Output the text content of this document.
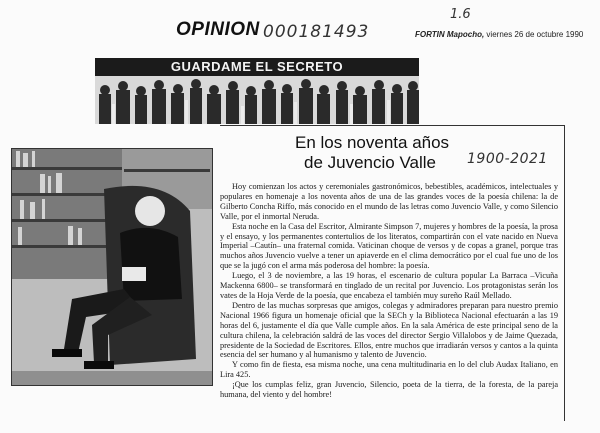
OPINION 000181493
1.6
FORTIN Mapocho, viernes 26 de octubre 1990
GUARDAME EL SECRETO
En los noventa años
de Juvencio Valle	1900-2021

Hoy comienzan los actos y ceremoniales gastronómicos, bebestibles, académicos, intelectuales y populares en homenaje a los noventa años de una de las grandes voces de la poesía chilena: la de Gilberto Concha Riffo, más conocido en el mundo de las letras como Juvencio Valle, y como Silencio Valle, por el inmortal Neruda.

Esta noche en la Casa del Escritor, Almirante Simpson 7, mujeres y hombres de la poesía, la prosa y el ensayo, y los permanentes contertulios de los literatos, compartirán con el vate nacido en Nueva Imperial –Cautín– una fraternal comida. Vaticinan choque de versos y de copas a granel, porque tras muchos años Juvencio vuelve a tener un apiaverde en el clima democrático por el cual fue uno de los que se la jugó con el arma más poderosa del hombre: la poesía.

Luego, el 3 de noviembre, a las 19 horas, el escenario de cultura popular La Barraca –Vicuña Mackenna 6800– se transformará en tinglado de un recital por Juvencio. Los protagonistas serán los vates de la Hoja Verde de la poesía, que encabeza el también muy sureño Raúl Mellado.

Dentro de las muchas sorpresas que amigos, colegas y admiradores preparan para nuestro premio Nacional 1966 figura un homenaje oficial que la SECh y la Biblioteca Nacional efectuarán a las 19 horas del 6, justamente el día que Valle cumple años. En la sala América de este principal seno de la cultura chilena, la celebración saldrá de las voces del director Sergio Villalobos y de Jaime Quezada, presidente de la Sociedad de Escritores. Ellos, entre muchos que irradiarán versos y cantos a la quinta esencia del ser humano y al humanismo y talento de Juvencio.

Y como fin de fiesta, esa misma noche, una cena multitudinaria en lo del club Audax Italiano, en Lira 425.

¡Que los cumplas feliz, gran Juvencio, Silencio, poeta de la tierra, de la foresta, de la pareja humana, del viento y del hombre!
